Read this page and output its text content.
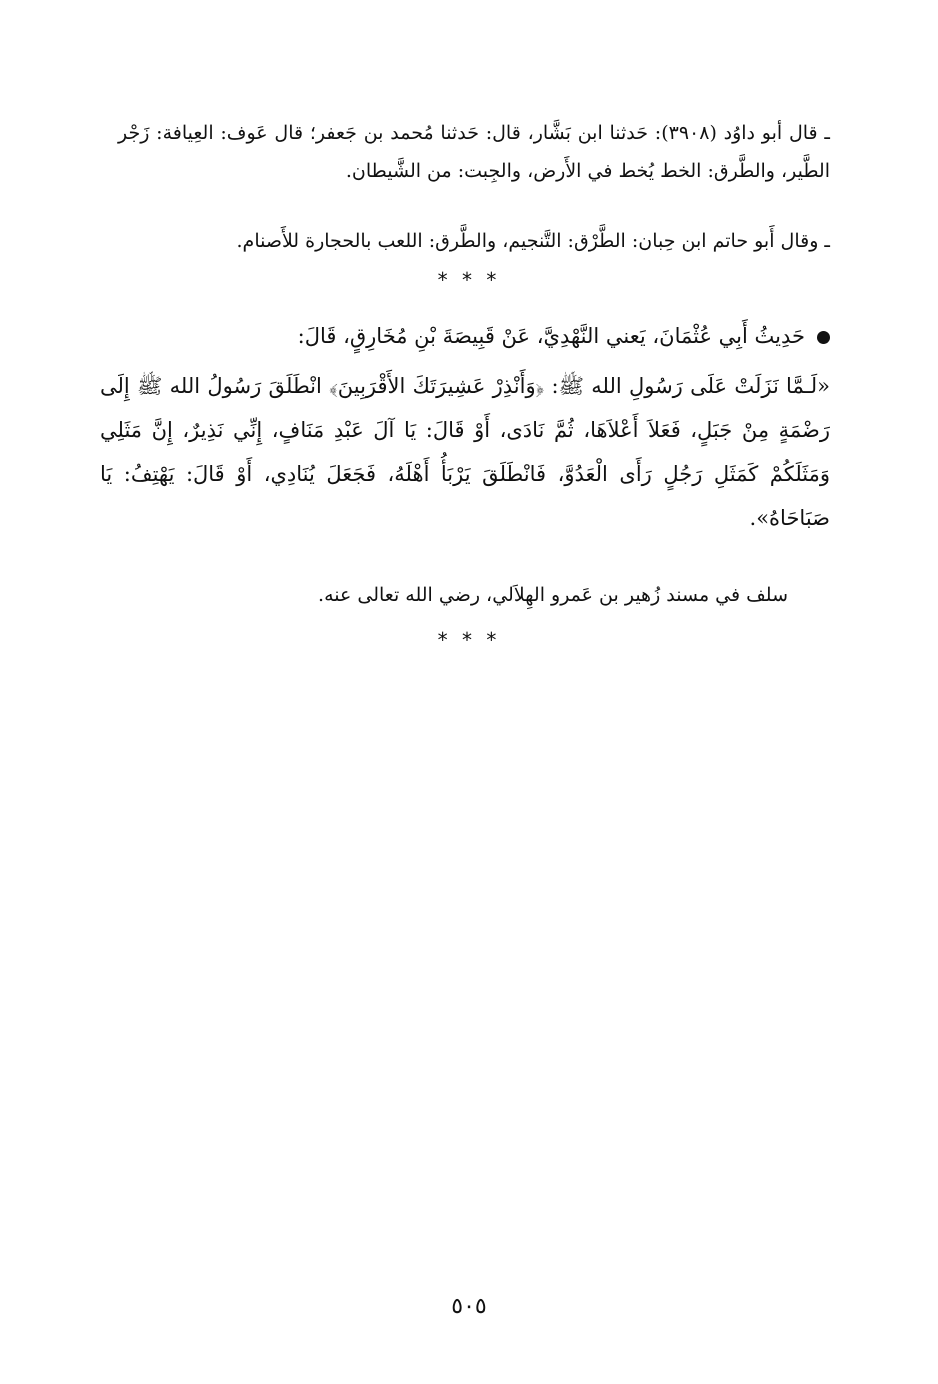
ـ قال أبو داوُد (٣٩٠٨): حَدثنا ابن بَشَّار، قال: حَدثنا مُحمد بن جَعفر؛ قال عَوف: العِيافة: زَجْر الطَّير، والطَّرق: الخط يُخط في الأَرض، والجِبت: من الشَّيطان.
ـ وقال أَبو حاتم ابن حِبان: الطَّرْق: التَّنجيم، والطَّرق: اللعب بالحجارة للأَصنام.
* * *
حَدِيثُ أَبِي عُثْمَانَ، يَعني النَّهْدِيَّ، عَنْ قَبِيصَةَ بْنِ مُخَارِقٍ، قَالَ:
«لَـمَّا نَزَلَتْ عَلَى رَسُولِ الله ﷺ: ﴿وَأَنْذِرْ عَشِيرَتَكَ الأَقْرَبِينَ﴾ انْطَلَقَ رَسُولُ الله ﷺ إِلَى رَضْمَةٍ مِنْ جَبَلٍ، فَعَلاَ أَعْلاَهَا، ثُمَّ نَادَى، أَوْ قَالَ: يَا آلَ عَبْدِ مَنَافٍ، إِنِّي نَذِيرٌ، إِنَّ مَثَلِي وَمَثَلَكُمْ كَمَثَلِ رَجُلٍ رَأَى الْعَدُوَّ، فَانْطَلَقَ يَرْبَأُ أَهْلَهُ، فَجَعَلَ يُنَادِي، أَوْ قَالَ: يَهْتِفُ: يَا صَبَاحَاهُ».
سلف في مسند زُهير بن عَمرو الهِلاَلي، رضي الله تعالى عنه.
* * *
٥٠٥
